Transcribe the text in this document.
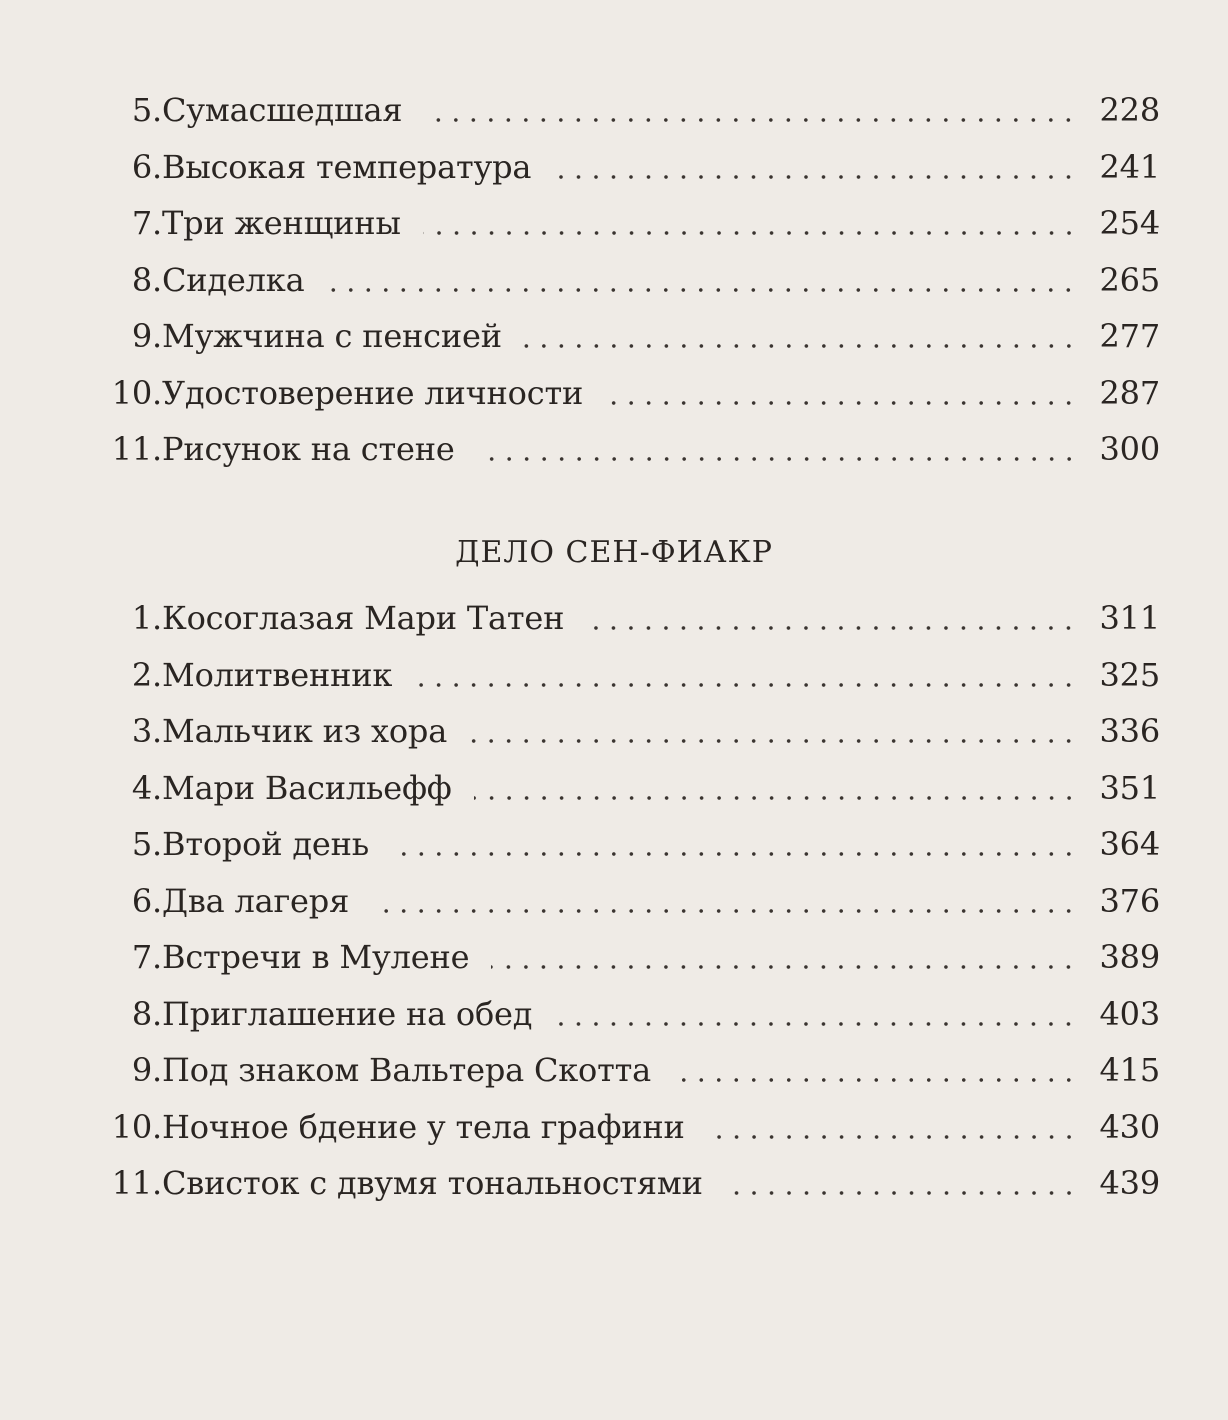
5. Сумасшедшая	228
6. Высокая температура	241
7. Три женщины	254
8. Сиделка	265
9. Мужчина с пенсией	277
10. Удостоверение личности	287
11. Рисунок на стене	300
ДЕЛО СЕН-ФИАКР
1. Косоглазая Мари Татен	311
2. Молитвенник	325
3. Мальчик из хора	336
4. Мари Васильефф	351
5. Второй день	364
6. Два лагеря	376
7. Встречи в Мулене	389
8. Приглашение на обед	403
9. Под знаком Вальтера Скотта	415
10. Ночное бдение у тела графини	430
11. Свисток с двумя тональностями	439
